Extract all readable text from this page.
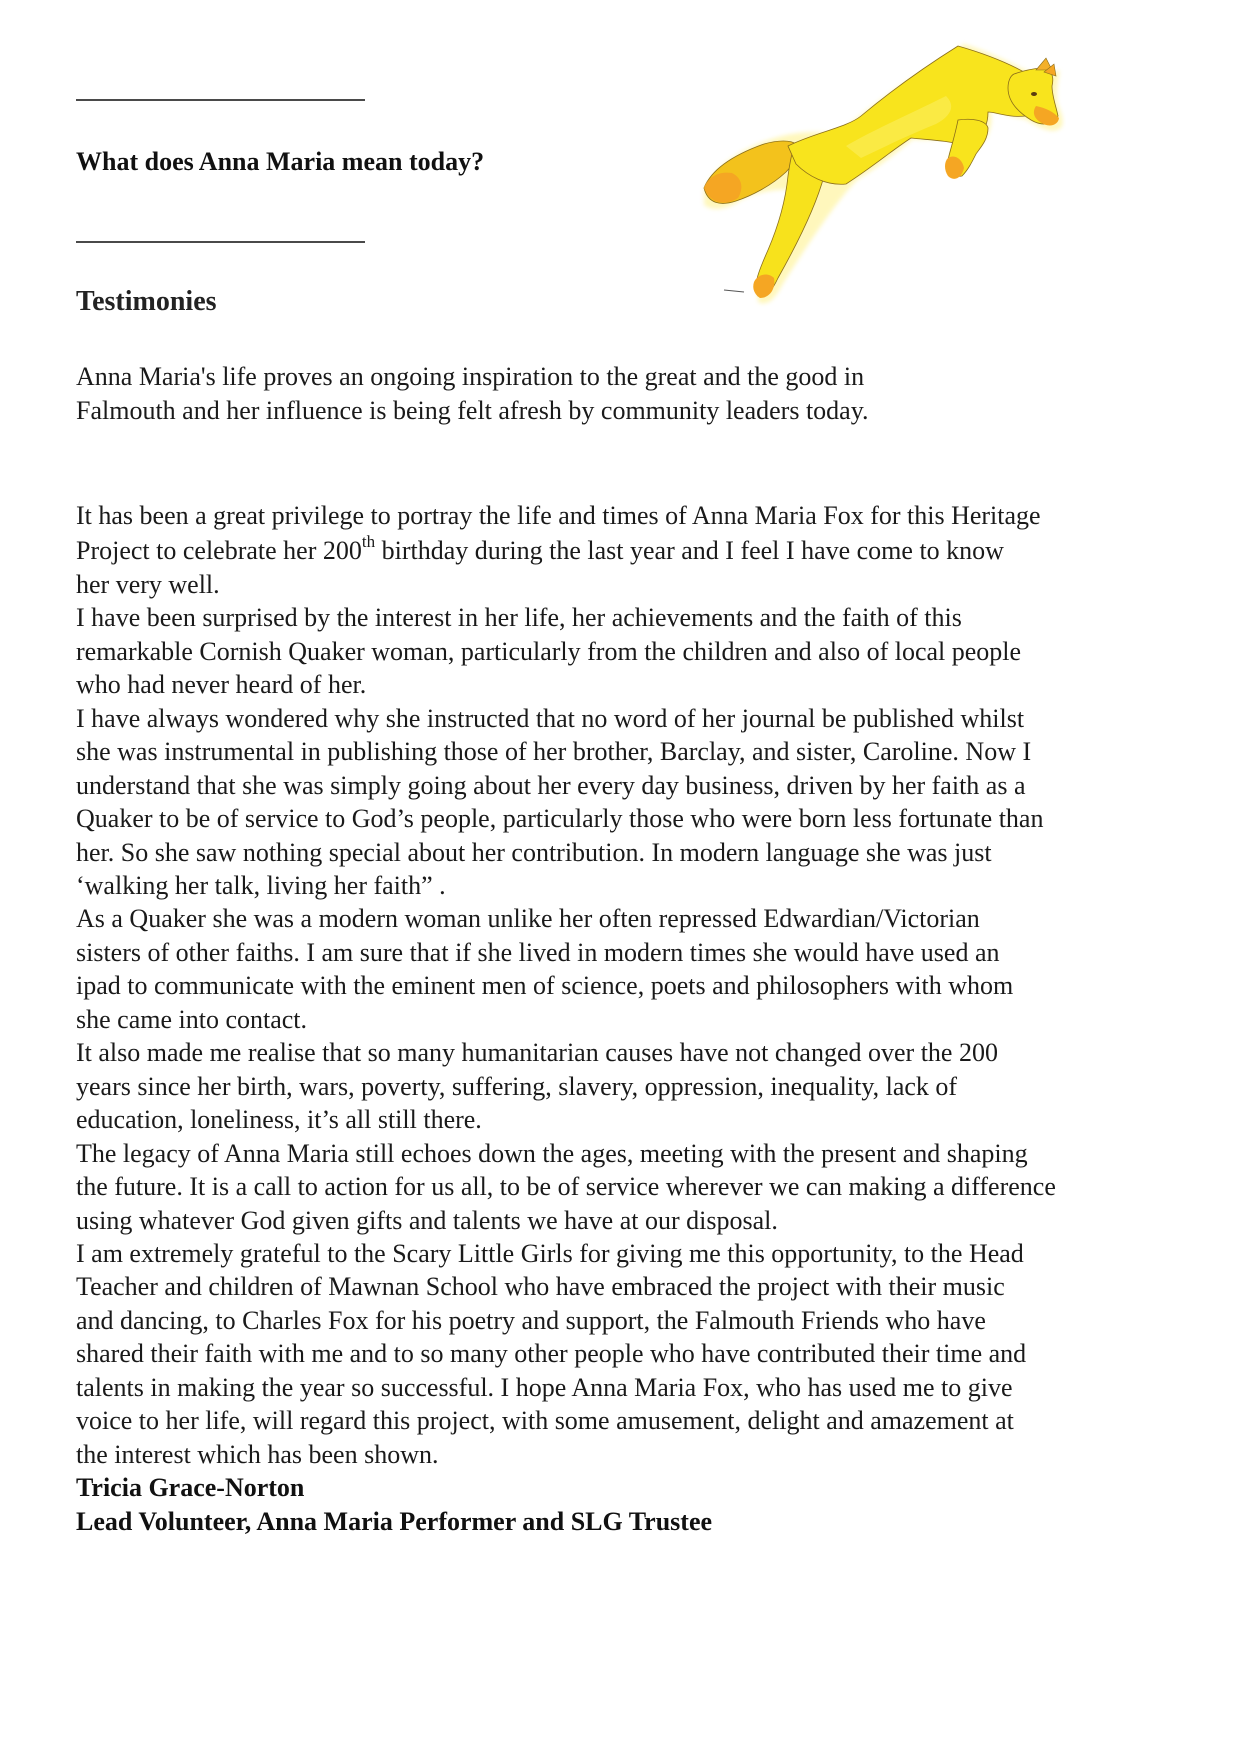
What does Anna Maria mean today?
Testimonies
Anna Maria's life proves an ongoing inspiration to the great and the good in
Falmouth and her influence is being felt afresh by community leaders today.
It has been a great privilege to portray the life and times of Anna Maria Fox for this Heritage
Project to celebrate her 200th birthday during the last year and I feel I have come to know
her very well.
I have been surprised by the interest in her life, her achievements and the faith of this
remarkable Cornish Quaker woman, particularly from the children and also of local people
who had never heard of her.
I have always wondered why she instructed that no word of her journal be published whilst
she was instrumental in publishing those of her brother, Barclay, and sister, Caroline. Now I
understand that she was simply going about her every day business, driven by her faith as a
Quaker to be of service to God’s people, particularly those who were born less fortunate than
her. So she saw nothing special about her contribution. In modern language she was just
‘walking her talk, living her faith” .
As a Quaker she was a modern woman unlike her often repressed Edwardian/Victorian
sisters of other faiths. I am sure that if she lived in modern times she would have used an
ipad to communicate with the eminent men of science, poets and philosophers with whom
she came into contact.
It also made me realise that so many humanitarian causes have not changed over the 200
years since her birth, wars, poverty, suffering, slavery, oppression, inequality, lack of
education, loneliness, it’s all still there.
The legacy of Anna Maria still echoes down the ages, meeting with the present and shaping
the future. It is a call to action for us all, to be of service wherever we can making a difference
using whatever God given gifts and talents we have at our disposal.
I am extremely grateful to the Scary Little Girls for giving me this opportunity, to the Head
Teacher and children of Mawnan School who have embraced the project with their music
and dancing, to Charles Fox for his poetry and support, the Falmouth Friends who have
shared their faith with me and to so many other people who have contributed their time and
talents in making the year so successful. I hope Anna Maria Fox, who has used me to give
voice to her life, will regard this project, with some amusement, delight and amazement at
the interest which has been shown.
Tricia Grace-Norton
Lead Volunteer, Anna Maria Performer and SLG Trustee
